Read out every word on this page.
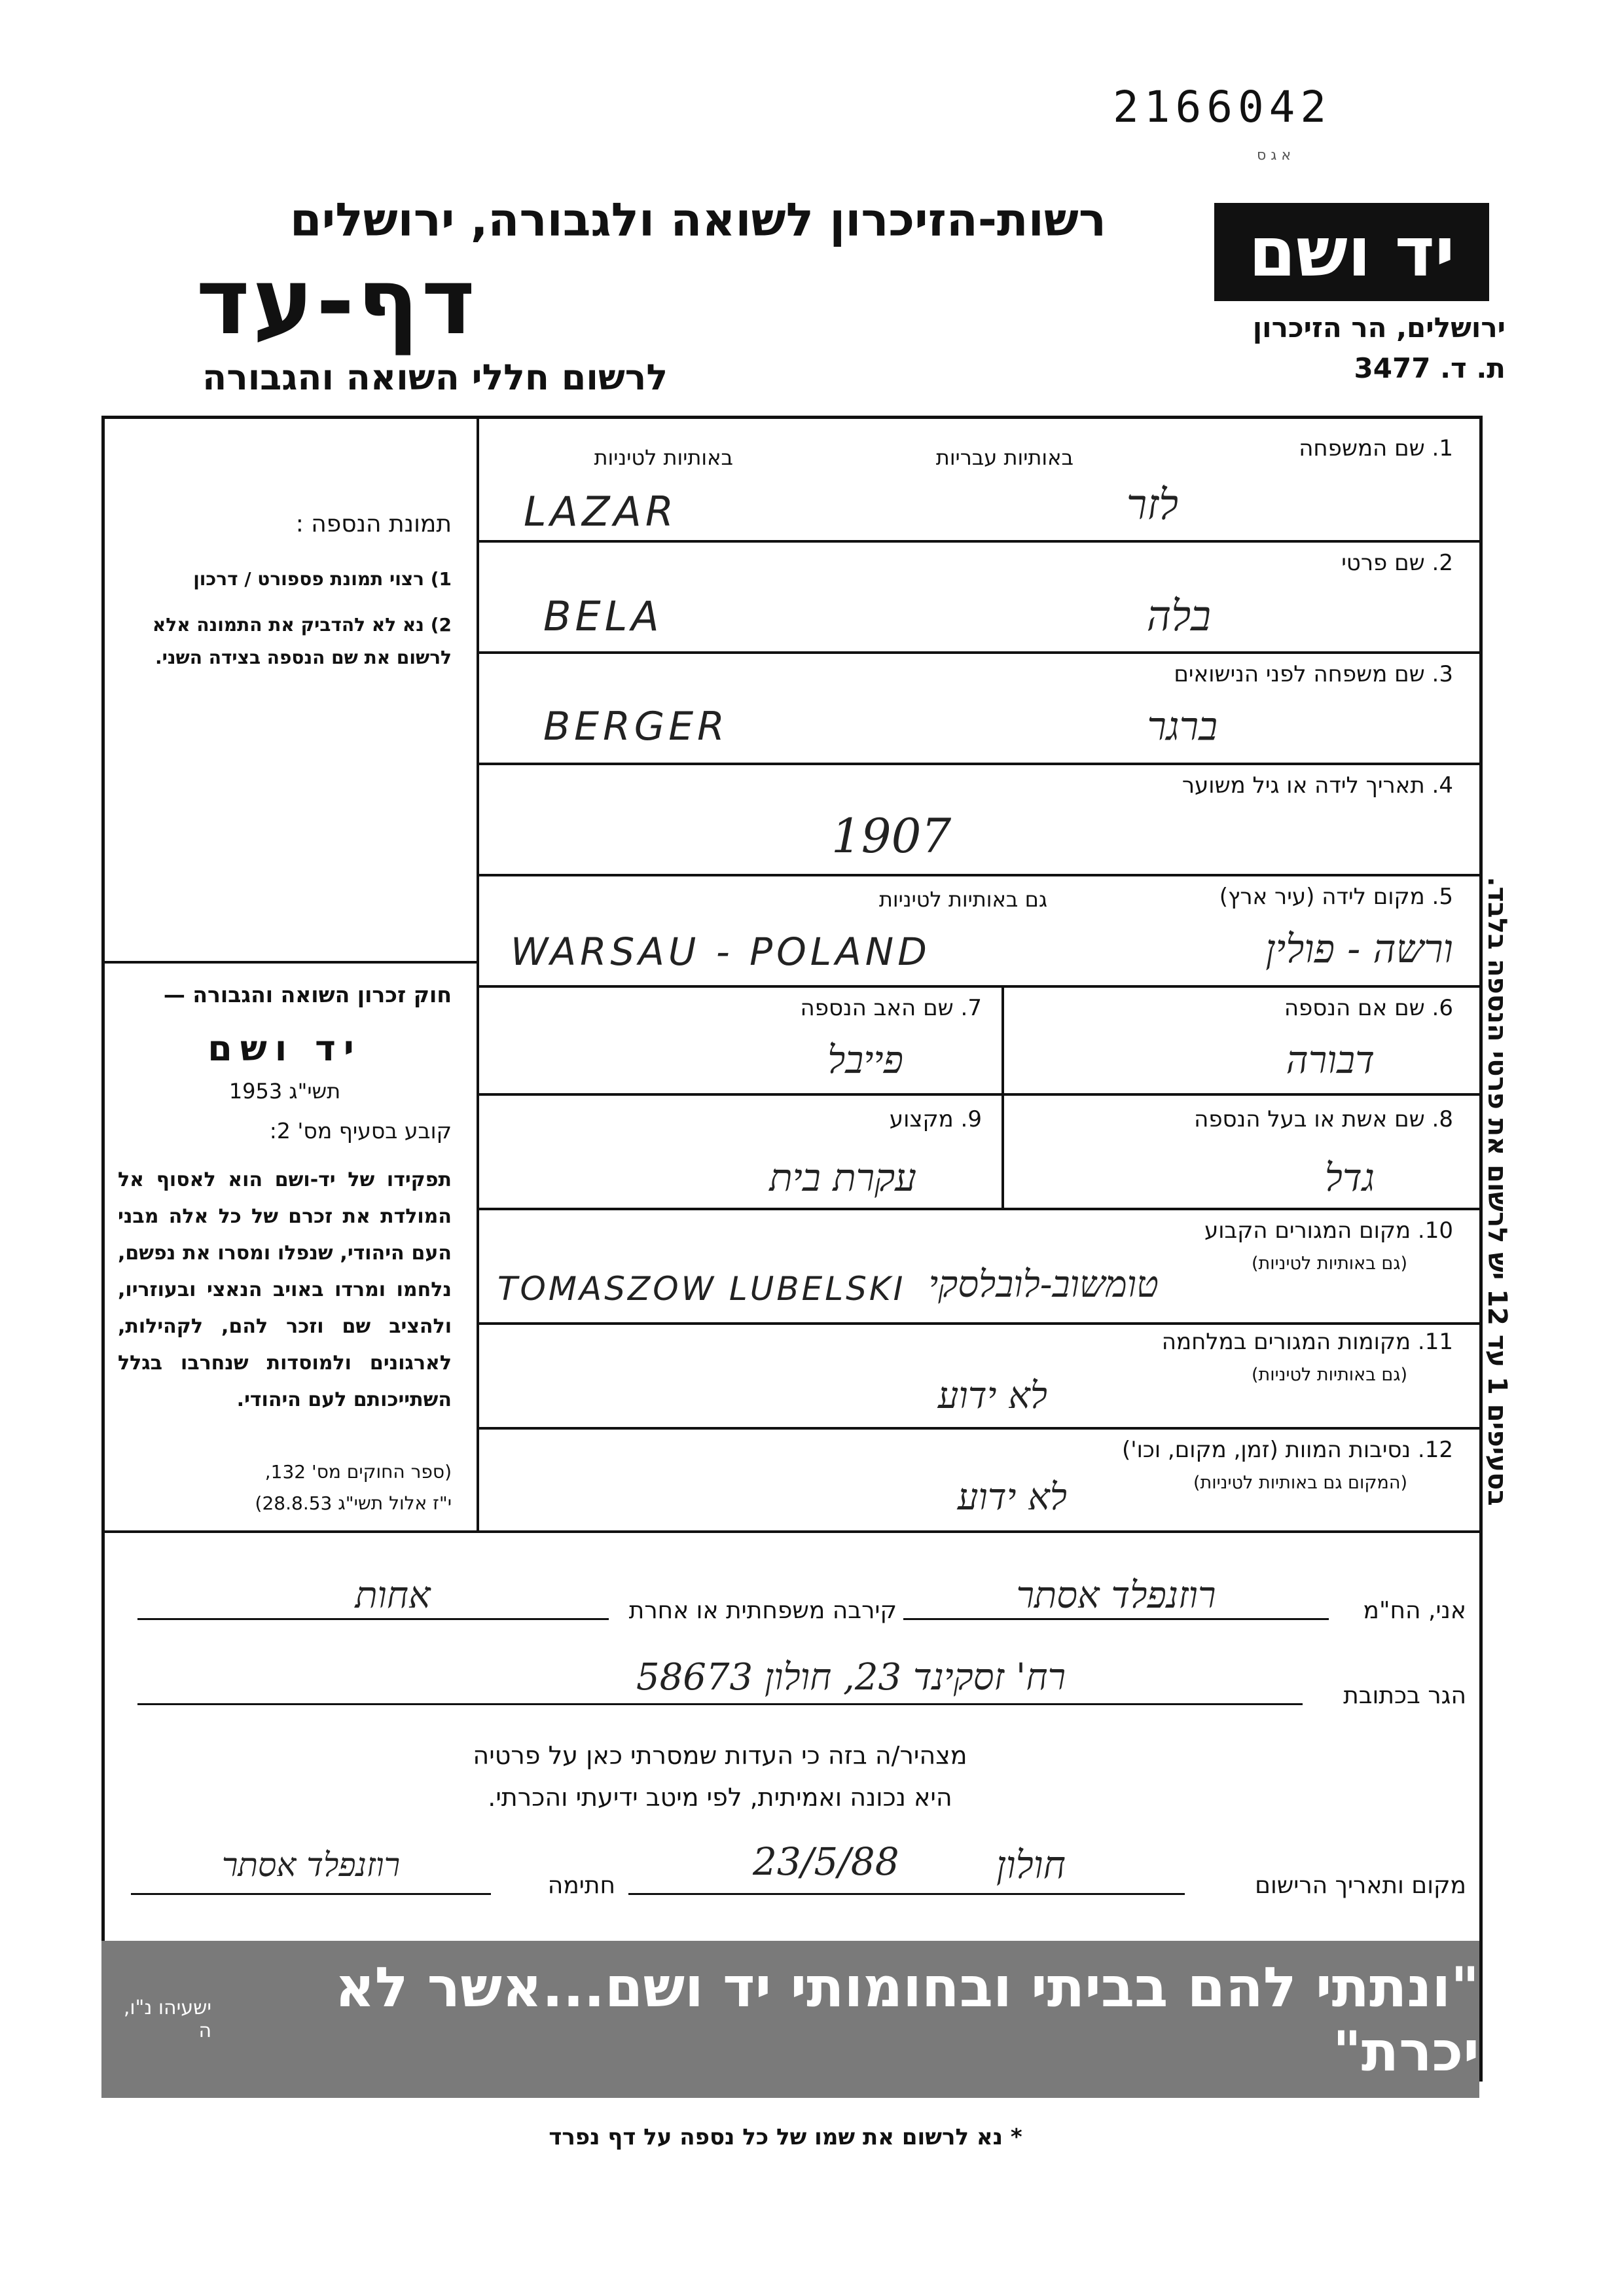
2166042
א ג ס
רשות-הזיכרון לשואה ולגבורה, ירושלים
דף-עד
לרשום חללי השואה והגבורה
יד ושם
ירושלים, הר הזיכרון
ת. ד. 3477
תמונת הנספה :
1) רצוי תמונת פספורט / דרכון
2) נא לא להדביק את התמונה אלא לרשום את שם הנספה בצידה השני.
חוק זכרון השואה והגבורה —
יד ושם
תשי"ג 1953
קובע בסעיף מס' 2:
תפקידו של יד-ושם הוא לאסוף אל המולדת את זכרם של כל אלה מבני העם היהודי, שנפלו ומסרו את נפשם, נלחמו ומרדו באויב הנאצי ובעוזריו, ולהציב שם וזכר להם, לקהילות, לארגונים ולמוסדות שנחרבו בגלל השתייכותם לעם היהודי.
(ספר החוקים מס' 132,
י"ז אלול תשי"ג 28.8.53)
1. שם המשפחה
באותיות עבריות
באותיות לטיניות
לזר
LAZAR
2. שם פרטי
בלה
BELA
3. שם משפחה לפני הנישואים
ברגר
BERGER
4. תאריך לידה או גיל משוער
1907
5. מקום לידה (עיר ארץ)
גם באותיות לטיניות
ורשה - פולין
WARSAU - POLAND
6. שם אם הנספה
דבורה
7. שם האב הנספה
פייבל
8. שם אשת או בעל הנספה
גדל
9. מקצוע
עקרת בית
10. מקום המגורים הקבוע
(גם באותיות לטיניות)
טומשוב-לובלסקי
TOMASZOW LUBELSKI
11. מקומות המגורים במלחמה
(גם באותיות לטיניות)
לא ידוע
12. נסיבות המוות (זמן, מקום, וכו')
(המקום גם באותיות לטיניות)
לא ידוע
בסעיפים 1 עד 12 יש לרשום את פרטי הנספה בלבד.
אני, הח"מ
רוזנפלד אסתר
קירבה משפחתית או אחרת
אחות
הגר בכתובת
רח' זסקינד 23, חולון 58673
מצהיר/ה בזה כי העדות שמסרתי כאן על פרטיה
היא נכונה ואמיתית, לפי מיטב ידיעתי והכרתי.
מקום ותאריך הרישום
חולון
23/5/88
חתימה
רוזנפלד אסתר
"ונתתי להם בביתי ובחומותי יד ושם...אשר לא יכרת"
ישעיהו נ"ו, ה
* נא לרשום את שמו של כל נספה על דף נפרד
